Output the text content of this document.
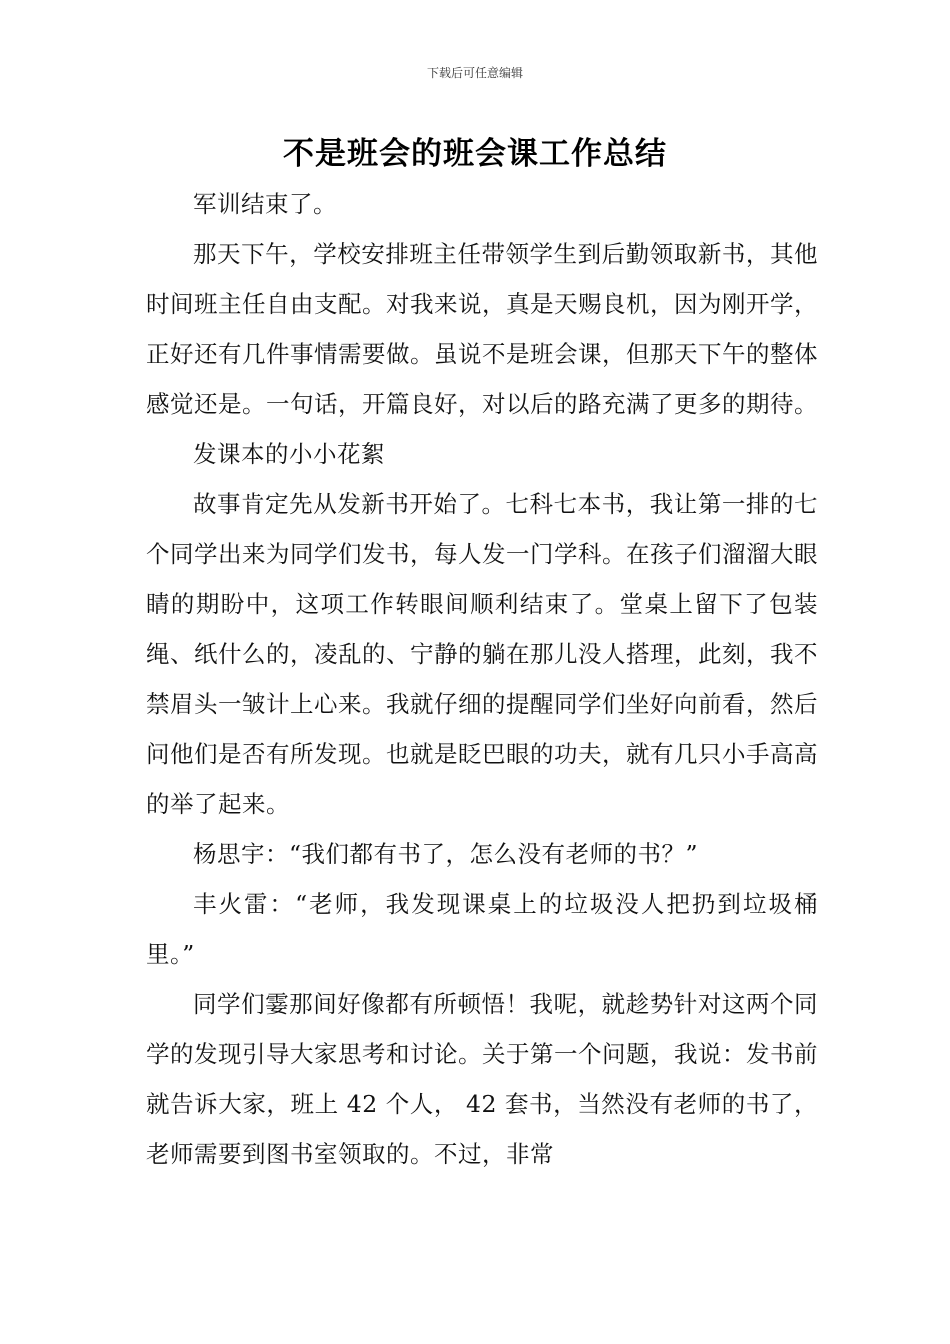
下载后可任意编辑
不是班会的班会课工作总结

军训结束了。

那天下午，学校安排班主任带领学生到后勤领取新书，其他时间班主任自由支配。对我来说，真是天赐良机，因为刚开学，正好还有几件事情需要做。虽说不是班会课，但那天下午的整体感觉还是。一句话，开篇良好，对以后的路充满了更多的期待。

发课本的小小花絮

故事肯定先从发新书开始了。七科七本书，我让第一排的七个同学出来为同学们发书，每人发一门学科。在孩子们溜溜大眼睛的期盼中，这项工作转眼间顺利结束了。堂桌上留下了包装绳、纸什么的，凌乱的、宁静的躺在那儿没人搭理，此刻，我不禁眉头一皱计上心来。我就仔细的提醒同学们坐好向前看，然后问他们是否有所发现。也就是眨巴眼的功夫，就有几只小手高高的举了起来。

杨思宇：“我们都有书了，怎么没有老师的书？”

丰火雷：“老师，我发现课桌上的垃圾没人把扔到垃圾桶里。”

同学们霎那间好像都有所顿悟！我呢，就趁势针对这两个同学的发现引导大家思考和讨论。关于第一个问题，我说：发书前就告诉大家，班上 42 个人， 42 套书，当然没有老师的书了，老师需要到图书室领取的。不过，非常
